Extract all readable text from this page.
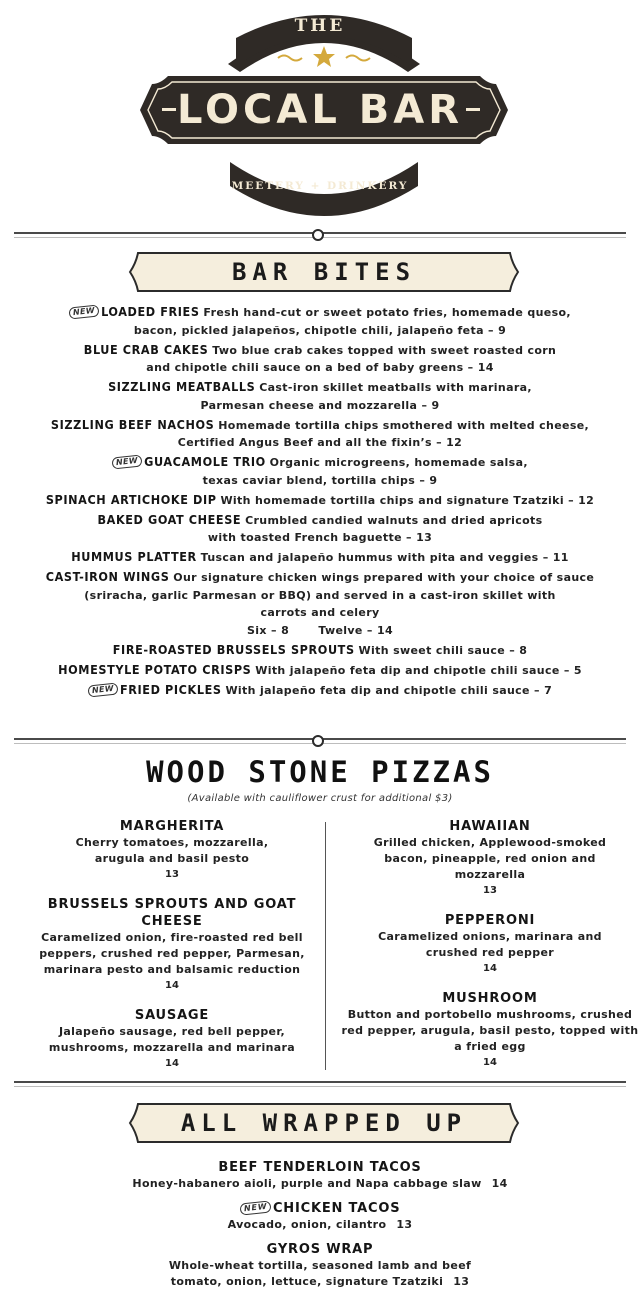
THE
LOCAL BAR
MEETERY + DRINKERY
BAR BITES
NEW LOADED FRIES Fresh hand-cut or sweet potato fries, homemade queso,
bacon, pickled jalapeños, chipotle chili, jalapeño feta – 9
BLUE CRAB CAKES Two blue crab cakes topped with sweet roasted corn
and chipotle chili sauce on a bed of baby greens – 14
SIZZLING MEATBALLS Cast-iron skillet meatballs with marinara,
Parmesan cheese and mozzarella – 9
SIZZLING BEEF NACHOS Homemade tortilla chips smothered with melted cheese,
Certified Angus Beef and all the fixin’s – 12
NEW GUACAMOLE TRIO Organic microgreens, homemade salsa,
texas caviar blend, tortilla chips – 9
SPINACH ARTICHOKE DIP With homemade tortilla chips and signature Tzatziki – 12
BAKED GOAT CHEESE Crumbled candied walnuts and dried apricots
with toasted French baguette – 13
HUMMUS PLATTER Tuscan and jalapeño hummus with pita and veggies – 11
CAST-IRON WINGS Our signature chicken wings prepared with your choice of sauce
(sriracha, garlic Parmesan or BBQ) and served in a cast-iron skillet with
carrots and celery
Six – 8       Twelve – 14
FIRE-ROASTED BRUSSELS SPROUTS With sweet chili sauce – 8
HOMESTYLE POTATO CRISPS With jalapeño feta dip and chipotle chili sauce – 5
NEW FRIED PICKLES With jalapeño feta dip and chipotle chili sauce – 7
WOOD STONE PIZZAS
(Available with cauliflower crust for additional $3)
MARGHERITA
Cherry tomatoes, mozzarella, arugula and basil pesto
13
BRUSSELS SPROUTS AND GOAT CHEESE
Caramelized onion, fire-roasted red bell peppers, crushed red pepper, Parmesan, marinara pesto and balsamic reduction
14
SAUSAGE
Jalapeño sausage, red bell pepper, mushrooms, mozzarella and marinara
14
HAWAIIAN
Grilled chicken, Applewood-smoked bacon, pineapple, red onion and mozzarella
13
PEPPERONI
Caramelized onions, marinara and crushed red pepper
14
MUSHROOM
Button and portobello mushrooms, crushed red pepper, arugula, basil pesto, topped with a fried egg
14
ALL WRAPPED UP
BEEF TENDERLOIN TACOS
Honey-habanero aioli, purple and Napa cabbage slaw 14
NEW CHICKEN TACOS
Avocado, onion, cilantro 13
GYROS WRAP
Whole-wheat tortilla, seasoned lamb and beef tomato, onion, lettuce, signature Tzatziki 13
